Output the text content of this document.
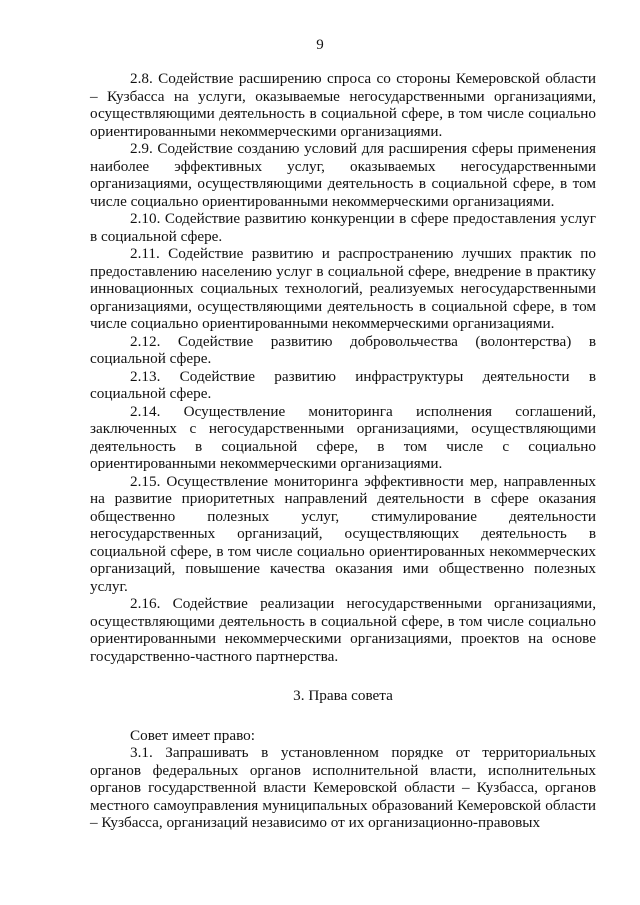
9

2.8. Содействие расширению спроса со стороны Кемеровской области – Кузбасса на услуги, оказываемые негосударственными организациями, осуществляющими деятельность в социальной сфере, в том числе социально ориентированными некоммерческими организациями.

2.9. Содействие созданию условий для расширения сферы применения наиболее эффективных услуг, оказываемых негосударственными организациями, осуществляющими деятельность в социальной сфере, в том числе социально ориентированными некоммерческими организациями.

2.10. Содействие развитию конкуренции в сфере предоставления услуг в социальной сфере.

2.11. Содействие развитию и распространению лучших практик по предоставлению населению услуг в социальной сфере, внедрение в практику инновационных социальных технологий, реализуемых негосударственными организациями, осуществляющими деятельность в социальной сфере, в том числе социально ориентированными некоммерческими организациями.

2.12. Содействие развитию добровольчества (волонтерства) в социальной сфере.

2.13. Содействие развитию инфраструктуры деятельности в социальной сфере.

2.14. Осуществление мониторинга исполнения соглашений, заключенных с негосударственными организациями, осуществляющими деятельность в социальной сфере, в том числе с социально ориентированными некоммерческими организациями.

2.15. Осуществление мониторинга эффективности мер, направленных на развитие приоритетных направлений деятельности в сфере оказания общественно полезных услуг, стимулирование деятельности негосударственных организаций, осуществляющих деятельность в социальной сфере, в том числе социально ориентированных некоммерческих организаций, повышение качества оказания ими общественно полезных услуг.

2.16. Содействие реализации негосударственными организациями, осуществляющими деятельность в социальной сфере, в том числе социально ориентированными некоммерческими организациями, проектов на основе государственно-частного партнерства.

3. Права совета

Совет имеет право:

3.1. Запрашивать в установленном порядке от территориальных органов федеральных органов исполнительной власти, исполнительных органов государственной власти Кемеровской области – Кузбасса, органов местного самоуправления муниципальных образований Кемеровской области – Кузбасса, организаций независимо от их организационно-правовых
